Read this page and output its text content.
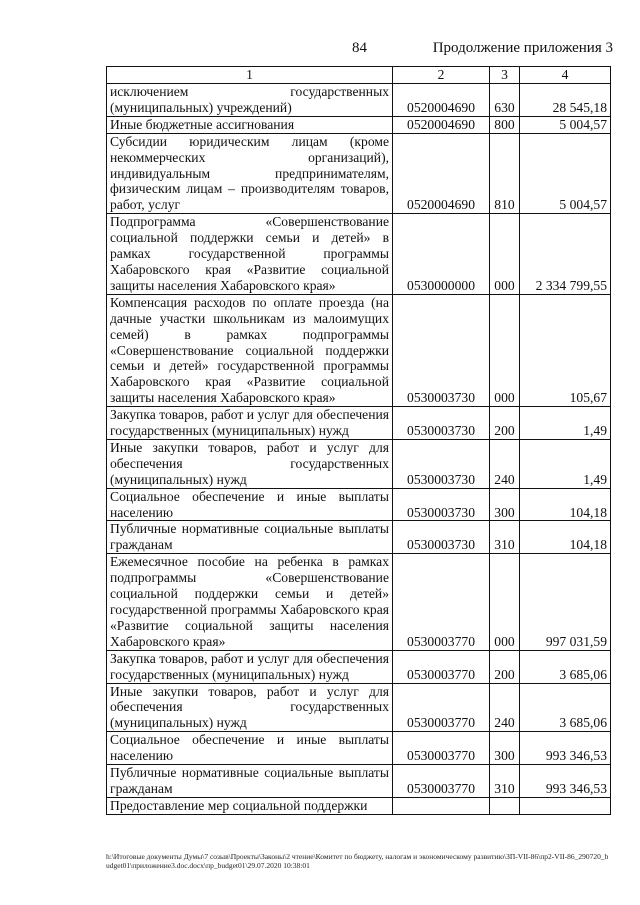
84	Продолжение приложения 3
1	2	3	4
исключением государственных (муниципальных) учреждений)	0520004690	630	28 545,18
Иные бюджетные ассигнования	0520004690	800	5 004,57
Субсидии юридическим лицам (кроме некоммерческих организаций), индивидуальным предпринимателям, физическим лицам – производителям товаров, работ, услуг	0520004690	810	5 004,57
Подпрограмма «Совершенствование социальной поддержки семьи и детей» в рамках государственной программы Хабаровского края «Развитие социальной защиты населения Хабаровского края»	0530000000	000	2 334 799,55
Компенсация расходов по оплате проезда (на дачные участки школьникам из малоимущих семей) в рамках подпрограммы «Совершенствование социальной поддержки семьи и детей» государственной программы Хабаровского края «Развитие социальной защиты населения Хабаровского края»	0530003730	000	105,67
Закупка товаров, работ и услуг для обеспечения государственных (муниципальных) нужд	0530003730	200	1,49
Иные закупки товаров, работ и услуг для обеспечения государственных (муниципальных) нужд	0530003730	240	1,49
Социальное обеспечение и иные выплаты населению	0530003730	300	104,18
Публичные нормативные социальные выплаты гражданам	0530003730	310	104,18
Ежемесячное пособие на ребенка в рамках подпрограммы «Совершенствование социальной поддержки семьи и детей» государственной программы Хабаровского края «Развитие социальной защиты населения Хабаровского края»	0530003770	000	997 031,59
Закупка товаров, работ и услуг для обеспечения государственных (муниципальных) нужд	0530003770	200	3 685,06
Иные закупки товаров, работ и услуг для обеспечения государственных (муниципальных) нужд	0530003770	240	3 685,06
Социальное обеспечение и иные выплаты населению	0530003770	300	993 346,53
Публичные нормативные социальные выплаты гражданам	0530003770	310	993 346,53
Предоставление мер социальной поддержки			
h:\Итоговые документы Думы\7 созыв\Проекты\Законы\2 чтение\Комитет по бюджету, налогам и экономическому развитию\ЗП-VII-86\пр2-VII-86_290720_budget01\приложение3.doc.docx\пр_budget01\29.07.2020 10:38:01
